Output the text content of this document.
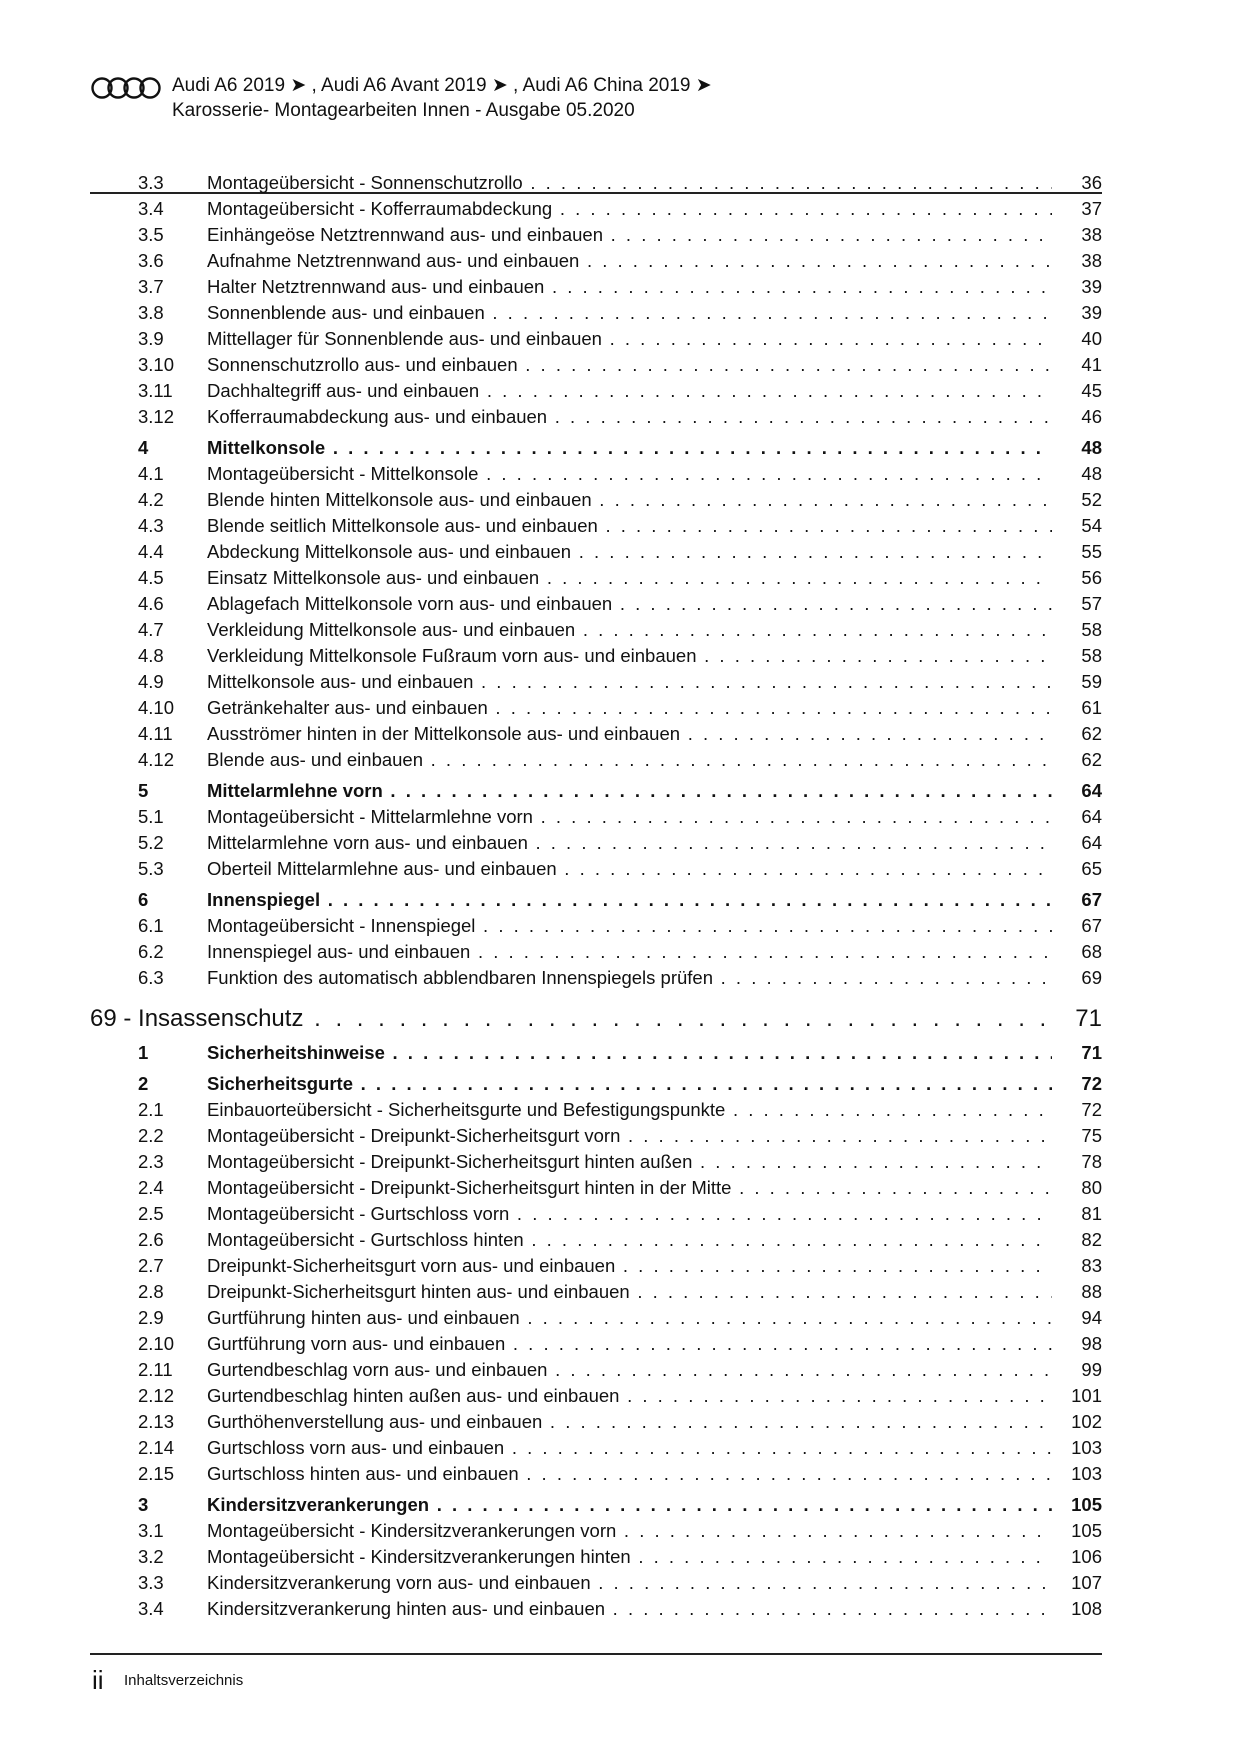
Audi A6 2019 ➤ , Audi A6 Avant 2019 ➤ , Audi A6 China 2019 ➤
Karosserie- Montagearbeiten Innen - Ausgabe 05.2020
3.3 Montageübersicht - Sonnenschutzrollo . . .	36
3.4 Montageübersicht - Kofferraumabdeckung . . .	37
3.5 Einhängeöse Netztrennwand aus- und einbauen . . .	38
3.6 Aufnahme Netztrennwand aus- und einbauen . . .	38
3.7 Halter Netztrennwand aus- und einbauen . . .	39
3.8 Sonnenblende aus- und einbauen . . .	39
3.9 Mittellager für Sonnenblende aus- und einbauen . . .	40
3.10 Sonnenschutzrollo aus- und einbauen . . .	41
3.11 Dachhaltegriff aus- und einbauen . . .	45
3.12 Kofferraumabdeckung aus- und einbauen . . .	46
4	Mittelkonsole . . .	48
4.1 Montageübersicht - Mittelkonsole . . .	48
4.2 Blende hinten Mittelkonsole aus- und einbauen . . .	52
4.3 Blende seitlich Mittelkonsole aus- und einbauen . . .	54
4.4 Abdeckung Mittelkonsole aus- und einbauen . . .	55
4.5 Einsatz Mittelkonsole aus- und einbauen . . .	56
4.6 Ablagefach Mittelkonsole vorn aus- und einbauen . . .	57
4.7 Verkleidung Mittelkonsole aus- und einbauen . . .	58
4.8 Verkleidung Mittelkonsole Fußraum vorn aus- und einbauen . . .	58
4.9 Mittelkonsole aus- und einbauen . . .	59
4.10 Getränkehalter aus- und einbauen . . .	61
4.11 Ausströmer hinten in der Mittelkonsole aus- und einbauen . . .	62
4.12 Blende aus- und einbauen . . .	62
5	Mittelarmlehne vorn . . .	64
5.1 Montageübersicht - Mittelarmlehne vorn . . .	64
5.2 Mittelarmlehne vorn aus- und einbauen . . .	64
5.3 Oberteil Mittelarmlehne aus- und einbauen . . .	65
6	Innenspiegel . . .	67
6.1 Montageübersicht - Innenspiegel . . .	67
6.2 Innenspiegel aus- und einbauen . . .	68
6.3 Funktion des automatisch abblendbaren Innenspiegels prüfen . . .	69
69 - Insassenschutz . . .	71
1	Sicherheitshinweise . . .	71
2	Sicherheitsgurte . . .	72
2.1 Einbauorteübersicht - Sicherheitsgurte und Befestigungspunkte . . .	72
2.2 Montageübersicht - Dreipunkt-Sicherheitsgurt vorn . . .	75
2.3 Montageübersicht - Dreipunkt-Sicherheitsgurt hinten außen . . .	78
2.4 Montageübersicht - Dreipunkt-Sicherheitsgurt hinten in der Mitte . . .	80
2.5 Montageübersicht - Gurtschloss vorn . . .	81
2.6 Montageübersicht - Gurtschloss hinten . . .	82
2.7 Dreipunkt-Sicherheitsgurt vorn aus- und einbauen . . .	83
2.8 Dreipunkt-Sicherheitsgurt hinten aus- und einbauen . . .	88
2.9 Gurtführung hinten aus- und einbauen . . .	94
2.10 Gurtführung vorn aus- und einbauen . . .	98
2.11 Gurtendbeschlag vorn aus- und einbauen . . .	99
2.12 Gurtendbeschlag hinten außen aus- und einbauen . . .	101
2.13 Gurthöhenverstellung aus- und einbauen . . .	102
2.14 Gurtschloss vorn aus- und einbauen . . .	103
2.15 Gurtschloss hinten aus- und einbauen . . .	103
3	Kindersitzverankerungen . . .	105
3.1 Montageübersicht - Kindersitzverankerungen vorn . . .	105
3.2 Montageübersicht - Kindersitzverankerungen hinten . . .	106
3.3 Kindersitzverankerung vorn aus- und einbauen . . .	107
3.4 Kindersitzverankerung hinten aus- und einbauen . . .	108
ii Inhaltsverzeichnis
